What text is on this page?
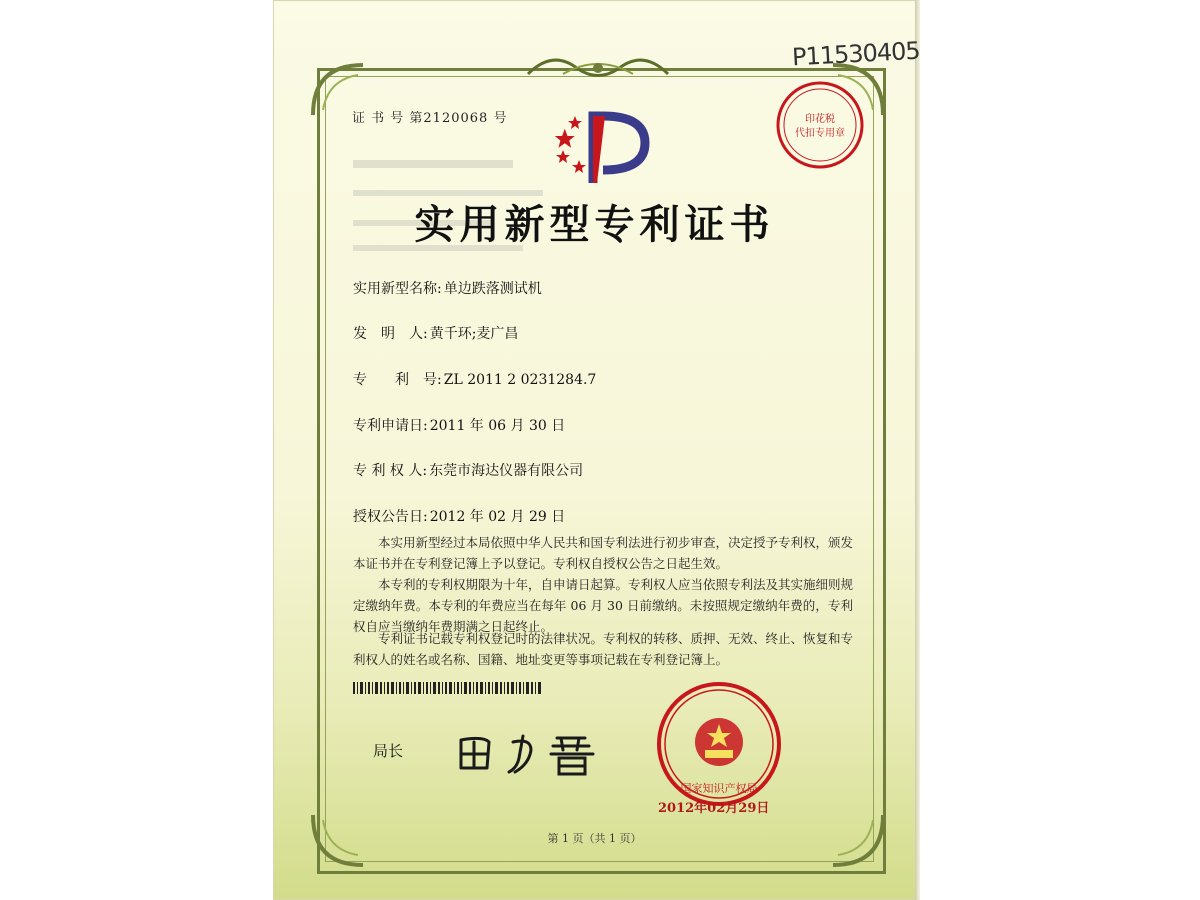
证 书 号 第2120068 号
P11530405
实用新型专利证书
实用新型名称: 单边跌落测试机
发　明　人: 黄千环;麦广昌
专　　利　号: ZL 2011 2 0231284.7
专利申请日: 2011 年 06 月 30 日
专 利 权 人: 东莞市海达仪器有限公司
授权公告日: 2012 年 02 月 29 日
本实用新型经过本局依照中华人民共和国专利法进行初步审查，决定授予专利权，颁发本证书并在专利登记簿上予以登记。专利权自授权公告之日起生效。
本专利的专利权期限为十年，自申请日起算。专利权人应当依照专利法及其实施细则规定缴纳年费。本专利的年费应当在每年 06 月 30 日前缴纳。未按照规定缴纳年费的，专利权自应当缴纳年费期满之日起终止。
专利证书记载专利权登记时的法律状况。专利权的转移、质押、无效、终止、恢复和专利权人的姓名或名称、国籍、地址变更等事项记载在专利登记簿上。
局长
印花税
代扣专用章
国家知识产权局
2012年02月29日
第 1 页（共 1 页）
